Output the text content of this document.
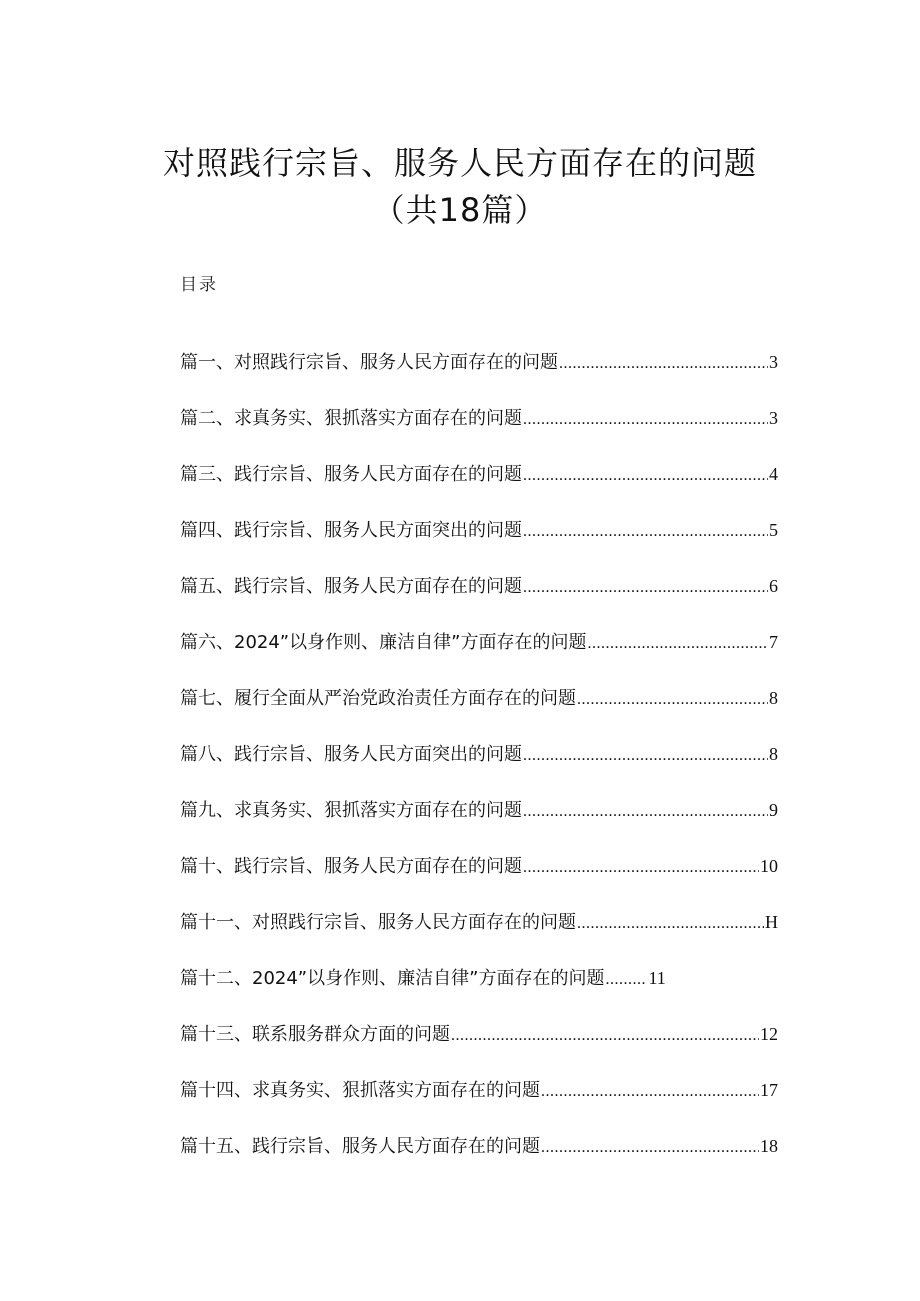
对照践行宗旨、服务人民方面存在的问题
（共18篇）
目录
篇一、对照践行宗旨、服务人民方面存在的问题 .....	3
篇二、求真务实、狠抓落实方面存在的问题 .....	3
篇三、践行宗旨、服务人民方面存在的问题 .....	4
篇四、践行宗旨、服务人民方面突出的问题 .....	5
篇五、践行宗旨、服务人民方面存在的问题 .....	6
篇六、2024”以身作则、廉洁自律”方面存在的问题 .....	7
篇七、履行全面从严治党政治责任方面存在的问题 .....	8
篇八、践行宗旨、服务人民方面突出的问题 .....	8
篇九、求真务实、狠抓落实方面存在的问题 .....	9
篇十、践行宗旨、服务人民方面存在的问题 .....	10
篇十一、对照践行宗旨、服务人民方面存在的问题 .....	H
篇十二、2024”以身作则、廉洁自律”方面存在的问题 ..... 11
篇十三、联系服务群众方面的问题 .....	12
篇十四、求真务实、狠抓落实方面存在的问题 .....	17
篇十五、践行宗旨、服务人民方面存在的问题 .....	18
